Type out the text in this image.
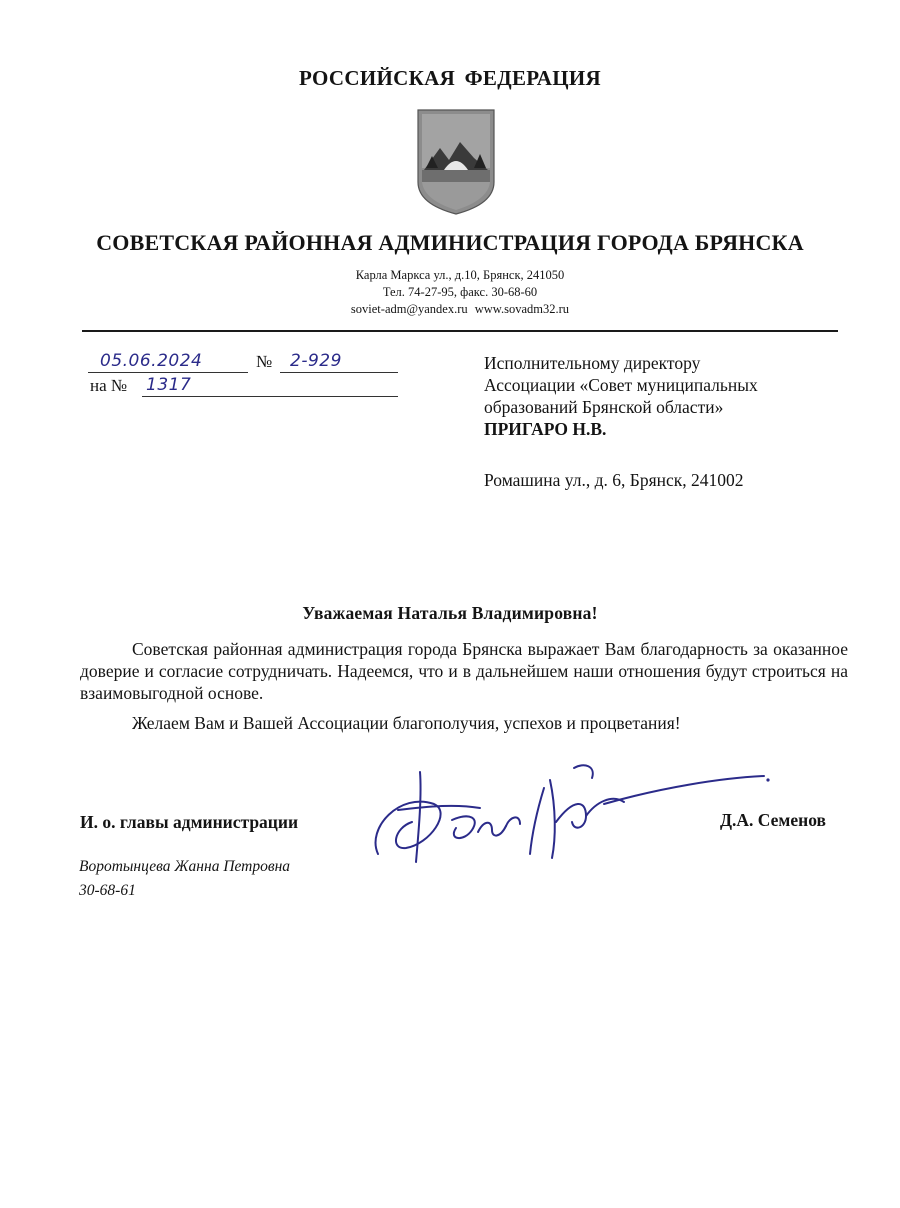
РОССИЙСКАЯ ФЕДЕРАЦИЯ
СОВЕТСКАЯ РАЙОННАЯ АДМИНИСТРАЦИЯ ГОРОДА БРЯНСКА
Карла Маркса ул., д.10, Брянск, 241050
Тел. 74-27-95, факс. 30-68-60
soviet-adm@yandex.ru www.sovadm32.ru
05.06.2024	№ 2-929
на № 1317
Исполнительному директору
Ассоциации «Совет муниципальных
образований Брянской области»
ПРИГАРО Н.В.
Ромашина ул., д. 6, Брянск, 241002
Уважаемая Наталья Владимировна!
Советская районная администрация города Брянска выражает Вам благодарность за оказанное доверие и согласие сотрудничать. Надеемся, что и в дальнейшем наши отношения будут строиться на взаимовыгодной основе.
Желаем Вам и Вашей Ассоциации благополучия, успехов и процветания!
И. о. главы администрации	Д.А. Семенов
Воротынцева Жанна Петровна
30-68-61
